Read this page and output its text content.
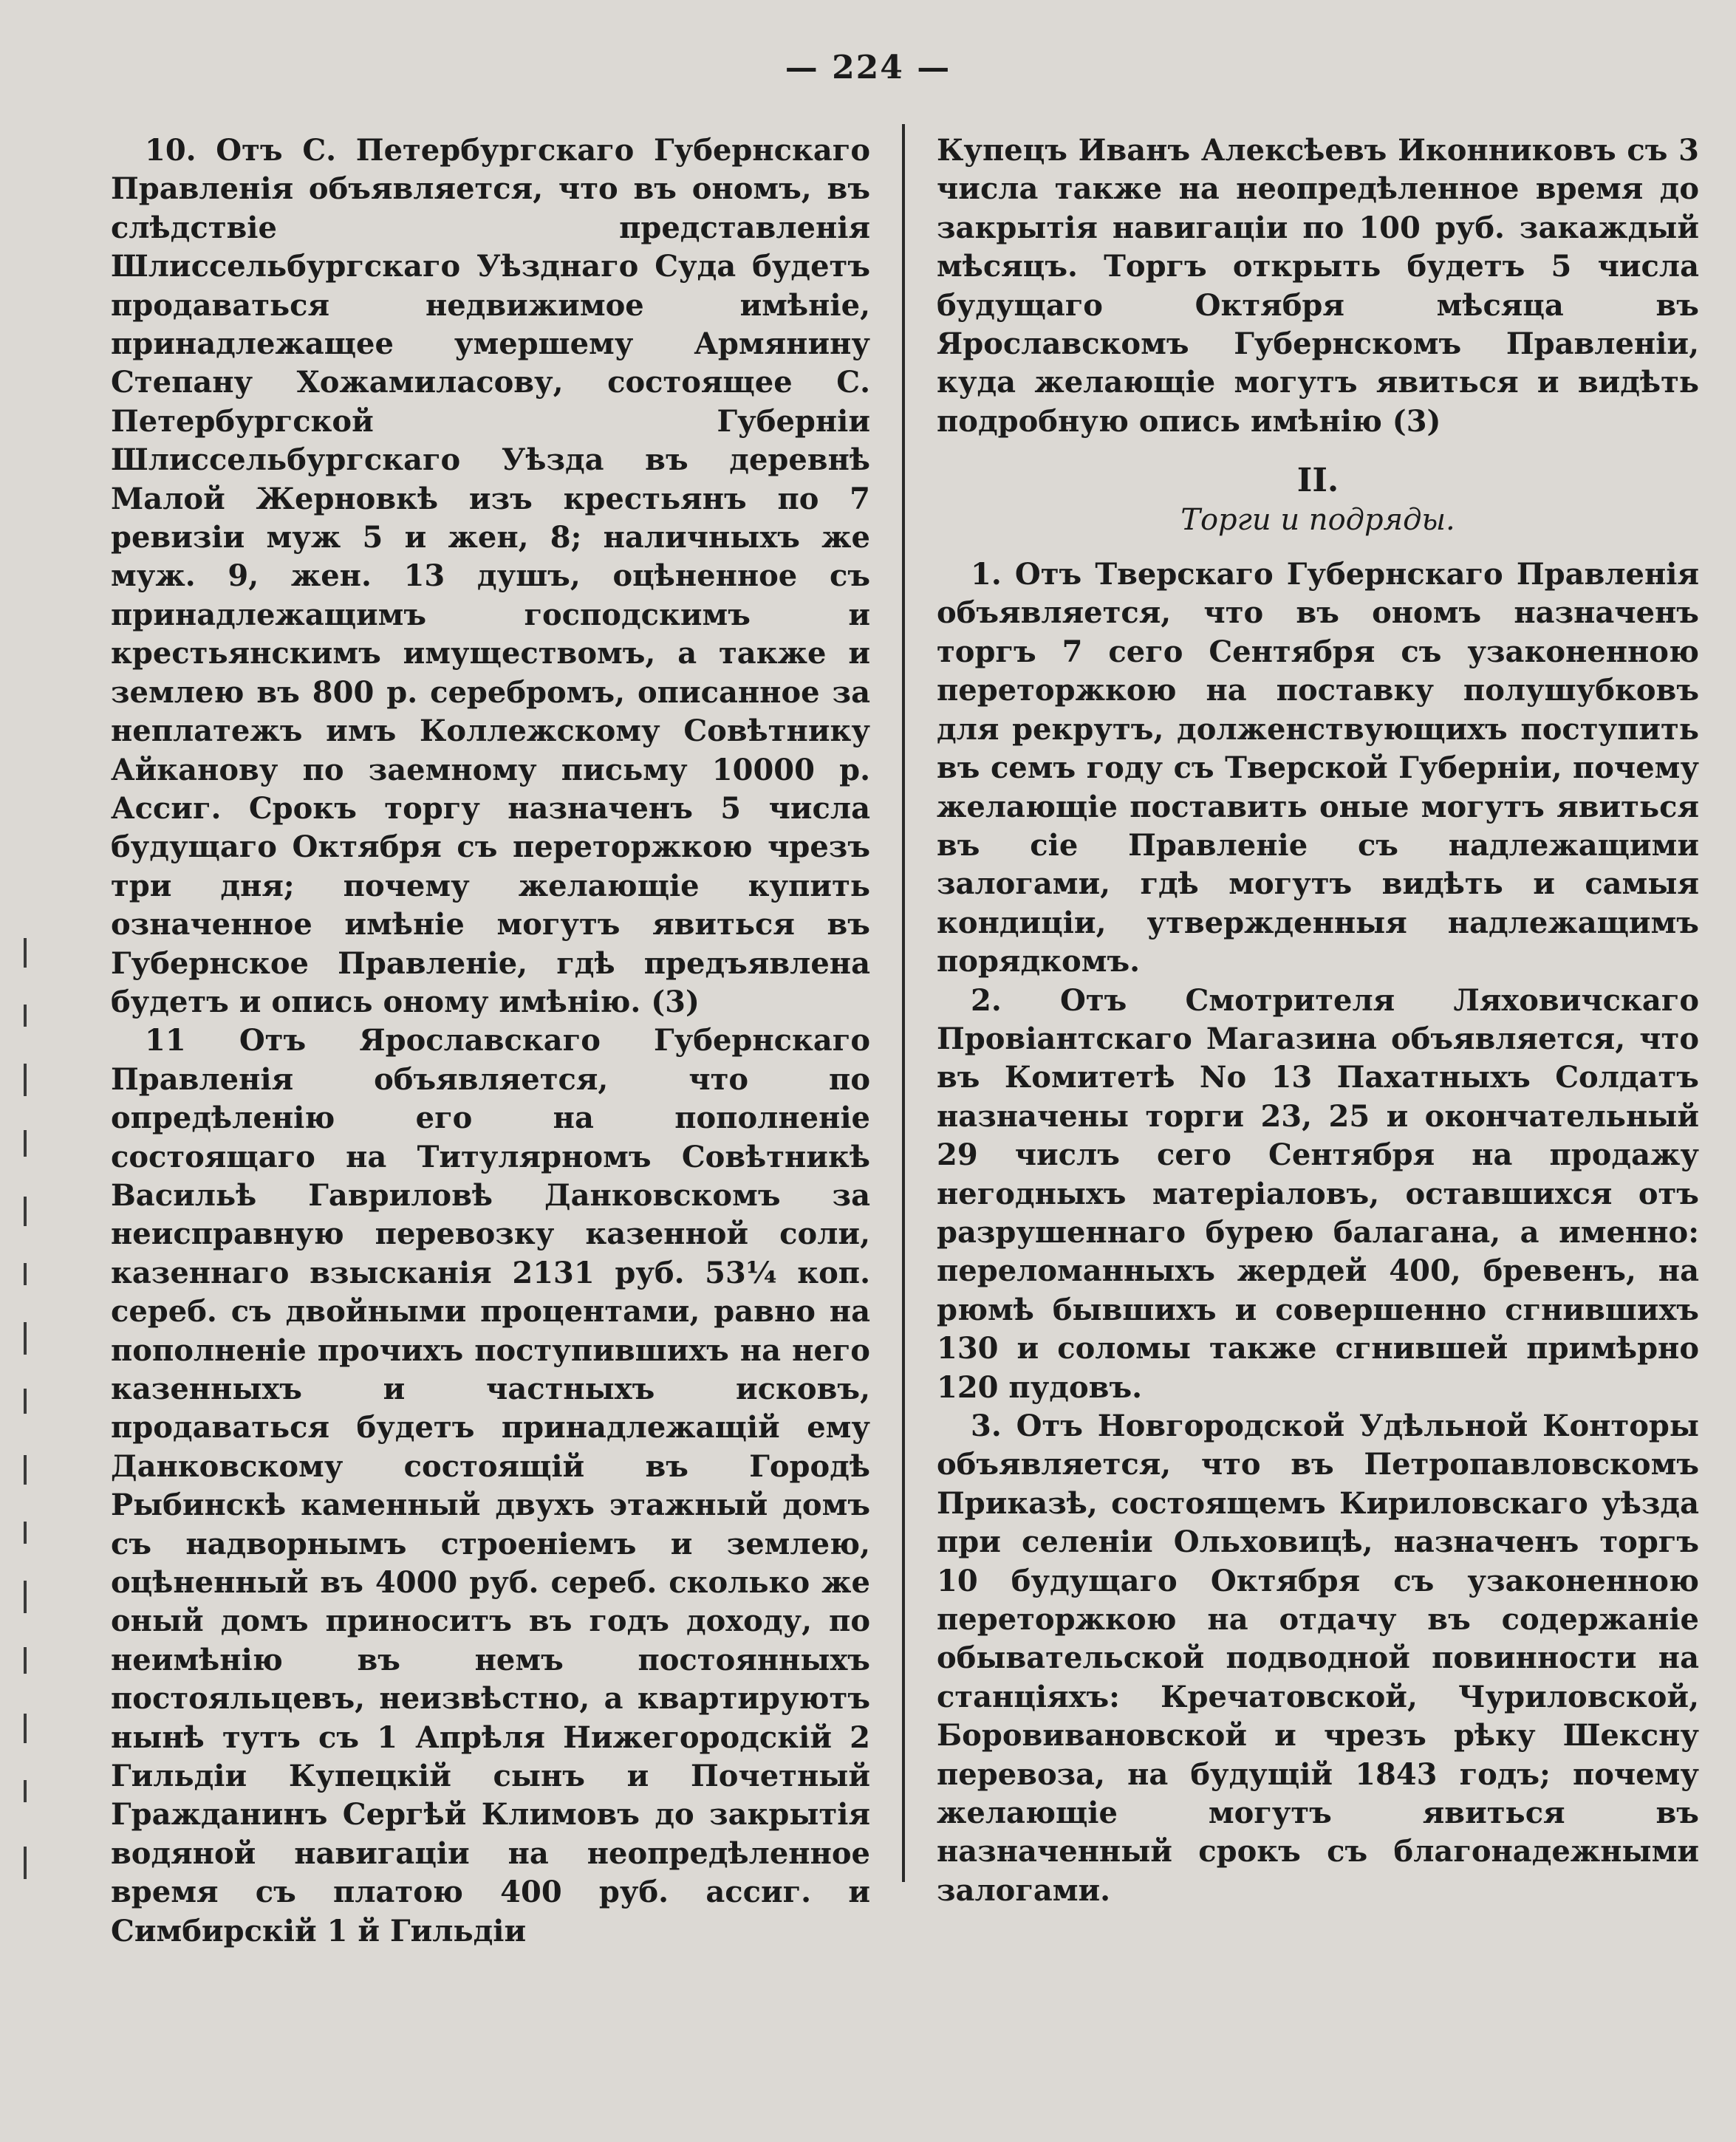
— 224 —

10. Отъ С. Петербургскаго Губернскаго Правленія объявляется, что въ ономъ, въ слѣдствіе представленія Шлиссельбургскаго Уѣзднаго Суда будетъ продаваться недвижимое имѣніе, принадлежащее умершему Армянину Степану Хожамиласову, состоящее С. Петербургской Губерніи Шлиссельбургскаго Уѣзда въ деревнѣ Малой Жерновкѣ изъ крестьянъ по 7 ревизіи муж 5 и жен, 8; наличныхъ же муж. 9, жен. 13 душъ, оцѣненное съ принадлежащимъ господскимъ и крестьянскимъ имуществомъ, а также и землею въ 800 р. серебромъ, описанное за неплатежъ имъ Коллежскому Совѣтнику Айканову по заемному письму 10000 р. Ассиг. Срокъ торгу назначенъ 5 числа будущаго Октября съ переторжкою чрезъ три дня; почему желающіе купить означенное имѣніе могутъ явиться въ Губернское Правленіе, гдѣ предъявлена будетъ и опись оному имѣнію. (3)

11 Отъ Ярославскаго Губернскаго Правленія объявляется, что по опредѣленію его на пополненіе состоящаго на Титулярномъ Совѣтникѣ Васильѣ Гавриловѣ Данковскомъ за неисправную перевозку казенной соли, казеннаго взысканія 2131 руб. 53¼ коп. сереб. съ двойными процентами, равно на пополненіе прочихъ поступившихъ на него казенныхъ и частныхъ исковъ, продаваться будетъ принадлежащій ему Данковскому состоящій въ Городѣ Рыбинскѣ каменный двухъ этажный домъ съ надворнымъ строеніемъ и землею, оцѣненный въ 4000 руб. сереб. сколько же оный домъ приноситъ въ годъ доходу, по неимѣнію въ немъ постоянныхъ постояльцевъ, неизвѣстно, а квартируютъ нынѣ тутъ съ 1 Апрѣля Нижегородскій 2 Гильдіи Купецкій сынъ и Почетный Гражданинъ Сергѣй Климовъ до закрытія водяной навигаціи на неопредѣленное время съ платою 400 руб. ассиг. и Симбирскій 1 й Гильдіи

Купецъ Иванъ Алексѣевъ Иконниковъ съ 3 числа также на неопредѣленное время до закрытія навигаціи по 100 руб. закаждый мѣсяцъ. Торгъ открыть будетъ 5 числа будущаго Октября мѣсяца въ Ярославскомъ Губернскомъ Правленіи, куда желающіе могутъ явиться и видѣть подробную опись имѣнію (3)

II.
Торги и подряды.

1. Отъ Тверскаго Губернскаго Правленія объявляется, что въ ономъ назначенъ торгъ 7 сего Сентября съ узаконенною переторжкою на поставку полушубковъ для рекрутъ, долженствующихъ поступить въ семъ году съ Тверской Губерніи, почему желающіе поставить оные могутъ явиться въ сіе Правленіе съ надлежащими залогами, гдѣ могутъ видѣть и самыя кондиціи, утвержденныя надлежащимъ порядкомъ.

2. Отъ Смотрителя Ляховичскаго Провіантскаго Магазина объявляется, что въ Комитетѣ No 13 Пахатныхъ Солдатъ назначены торги 23, 25 и окончательный 29 числъ сего Сентября на продажу негодныхъ матеріаловъ, оставшихся отъ разрушеннаго бурею балагана, а именно: переломанныхъ жердей 400, бревенъ, на рюмѣ бывшихъ и совершенно сгнившихъ 130 и соломы также сгнившей примѣрно 120 пудовъ.

3. Отъ Новгородской Удѣльной Конторы объявляется, что въ Петропавловскомъ Приказѣ, состоящемъ Кириловскаго уѣзда при селеніи Ольховицѣ, назначенъ торгъ 10 будущаго Октября съ узаконенною переторжкою на отдачу въ содержаніе обывательской подводной повинности на станціяхъ: Кречатовской, Чуриловской, Боровивановской и чрезъ рѣку Шексну перевоза, на будущій 1843 годъ; почему желающіе могутъ явиться въ назначенный срокъ съ благонадежными залогами.
